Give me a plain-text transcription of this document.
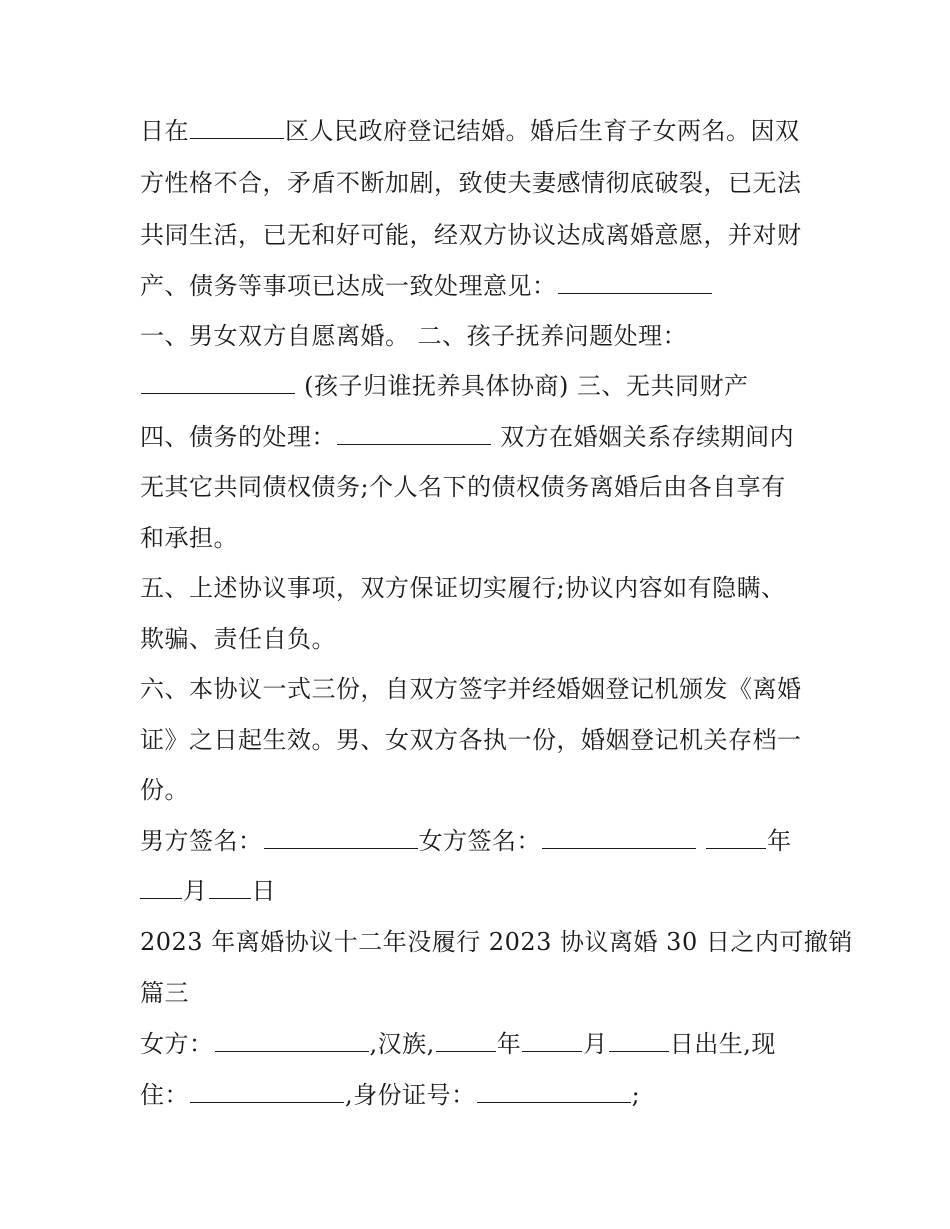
日在	区人民政府登记结婚。婚后生育子女两名。因双
方性格不合，矛盾不断加剧，致使夫妻感情彻底破裂，已无法
共同生活，已无和好可能，经双方协议达成离婚意愿，并对财
产、债务等事项已达成一致处理意见：
一、男女双方自愿离婚。 二、孩子抚养问题处理：
(孩子归谁抚养具体协商) 三、无共同财产
四、债务的处理：	双方在婚姻关系存续期间内
无其它共同债权债务;个人名下的债权债务离婚后由各自享有
和承担。
五、上述协议事项，双方保证切实履行;协议内容如有隐瞒、
欺骗、责任自负。
六、本协议一式三份，自双方签字并经婚姻登记机颁发《离婚
证》之日起生效。男、女双方各执一份，婚姻登记机关存档一
份。
男方签名：	女方签名：	年
月 日
2023 年离婚协议十二年没履行 2023 协议离婚 30 日之内可撤销
篇三
女方：	,汉族,	年	月	日出生,现
住：	,身份证号：	;
